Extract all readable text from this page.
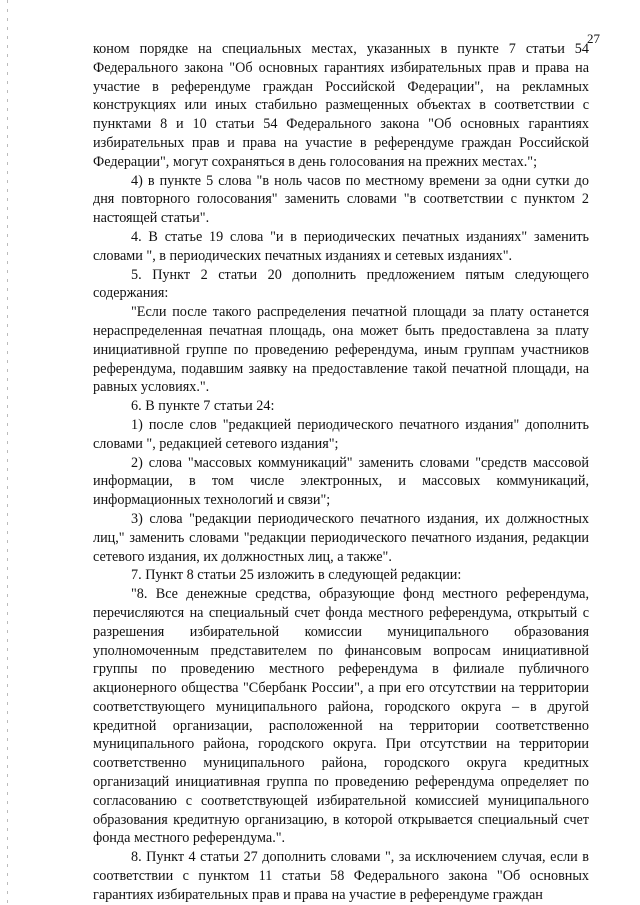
27

коном порядке на специальных местах, указанных в пункте 7 статьи 54 Федерального закона "Об основных гарантиях избирательных прав и права на участие в референдуме граждан Российской Федерации", на рекламных конструкциях или иных стабильно размещенных объектах в соответствии с пунктами 8 и 10 статьи 54 Федерального закона "Об основных гарантиях избирательных прав и права на участие в референдуме граждан Российской Федерации", могут сохраняться в день голосования на прежних местах.";

4) в пункте 5 слова "в ноль часов по местному времени за одни сутки до дня повторного голосования" заменить словами "в соответствии с пунктом 2 настоящей статьи".

4. В статье 19 слова "и в периодических печатных изданиях" заменить словами ", в периодических печатных изданиях и сетевых изданиях".

5. Пункт 2 статьи 20 дополнить предложением пятым следующего содержания:

"Если после такого распределения печатной площади за плату останется нераспределенная печатная площадь, она может быть предоставлена за плату инициативной группе по проведению референдума, иным группам участников референдума, подавшим заявку на предоставление такой печатной площади, на равных условиях.".

6. В пункте 7 статьи 24:

1) после слов "редакцией периодического печатного издания" дополнить словами ", редакцией сетевого издания";

2) слова "массовых коммуникаций" заменить словами "средств массовой информации, в том числе электронных, и массовых коммуникаций, информационных технологий и связи";

3) слова "редакции периодического печатного издания, их должностных лиц," заменить словами "редакции периодического печатного издания, редакции сетевого издания, их должностных лиц, а также".

7. Пункт 8 статьи 25 изложить в следующей редакции:

"8. Все денежные средства, образующие фонд местного референдума, перечисляются на специальный счет фонда местного референдума, открытый с разрешения избирательной комиссии муниципального образования уполномоченным представителем по финансовым вопросам инициативной группы по проведению местного референдума в филиале публичного акционерного общества "Сбербанк России", а при его отсутствии на территории соответствующего муниципального района, городского округа – в другой кредитной организации, расположенной на территории соответственно муниципального района, городского округа. При отсутствии на территории соответственно муниципального района, городского округа кредитных организаций инициативная группа по проведению референдума определяет по согласованию с соответствующей избирательной комиссией муниципального образования кредитную организацию, в которой открывается специальный счет фонда местного референдума.".

8. Пункт 4 статьи 27 дополнить словами ", за исключением случая, если в соответствии с пунктом 11 статьи 58 Федерального закона "Об основных гарантиях избирательных прав и права на участие в референдуме граждан
